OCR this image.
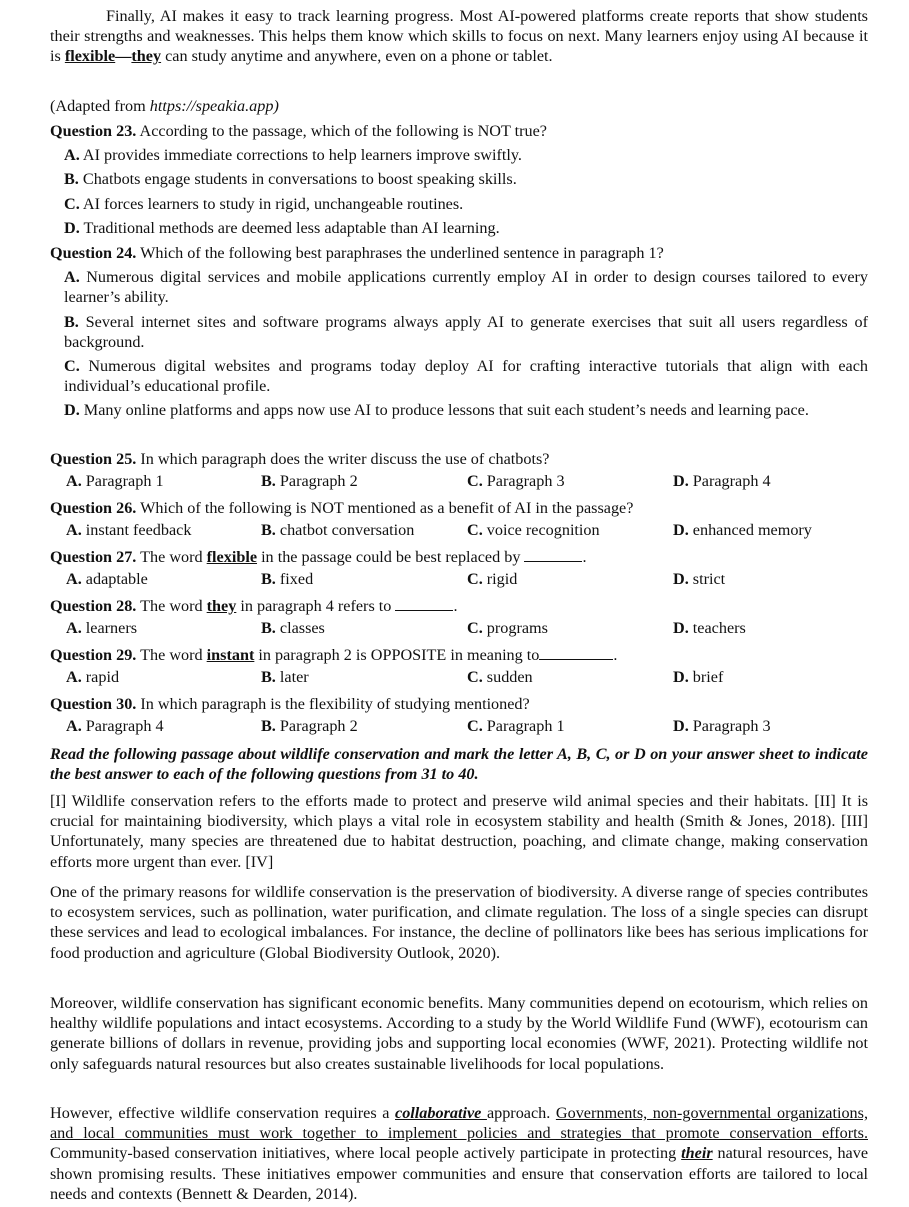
Finally, AI makes it easy to track learning progress. Most AI-powered platforms create reports that show students their strengths and weaknesses. This helps them know which skills to focus on next. Many learners enjoy using AI because it is flexible—they can study anytime and anywhere, even on a phone or tablet.

(Adapted from https://speakia.app)

Question 23. According to the passage, which of the following is NOT true?

A. AI provides immediate corrections to help learners improve swiftly.

B. Chatbots engage students in conversations to boost speaking skills.

C. AI forces learners to study in rigid, unchangeable routines.

D. Traditional methods are deemed less adaptable than AI learning.

Question 24. Which of the following best paraphrases the underlined sentence in paragraph 1?

A. Numerous digital services and mobile applications currently employ AI in order to design courses tailored to every learner’s ability.

B. Several internet sites and software programs always apply AI to generate exercises that suit all users regardless of background.

C. Numerous digital websites and programs today deploy AI for crafting interactive tutorials that align with each individual’s educational profile.

D. Many online platforms and apps now use AI to produce lessons that suit each student’s needs and learning pace.

Question 25. In which paragraph does the writer discuss the use of chatbots?

A. Paragraph 1	B. Paragraph 2	C. Paragraph 3	D. Paragraph 4

Question 26. Which of the following is NOT mentioned as a benefit of AI in the passage?

A. instant feedback	B. chatbot conversation	C. voice recognition	D. enhanced memory

Question 27. The word flexible in the passage could be best replaced by	.

A. adaptable	B. fixed	C. rigid	D. strict

Question 28. The word they in paragraph 4 refers to	.

A. learners	B. classes	C. programs	D. teachers

Question 29. The word instant in paragraph 2 is OPPOSITE in meaning to	.

A. rapid	B. later	C. sudden	D. brief

Question 30. In which paragraph is the flexibility of studying mentioned?

A. Paragraph 4	B. Paragraph 2	C. Paragraph 1	D. Paragraph 3

Read the following passage about wildlife conservation and mark the letter A, B, C, or D on your answer sheet to indicate the best answer to each of the following questions from 31 to 40.

[I] Wildlife conservation refers to the efforts made to protect and preserve wild animal species and their habitats. [II] It is crucial for maintaining biodiversity, which plays a vital role in ecosystem stability and health (Smith & Jones, 2018). [III] Unfortunately, many species are threatened due to habitat destruction, poaching, and climate change, making conservation efforts more urgent than ever. [IV]

One of the primary reasons for wildlife conservation is the preservation of biodiversity. A diverse range of species contributes to ecosystem services, such as pollination, water purification, and climate regulation. The loss of a single species can disrupt these services and lead to ecological imbalances. For instance, the decline of pollinators like bees has serious implications for food production and agriculture (Global Biodiversity Outlook, 2020).

Moreover, wildlife conservation has significant economic benefits. Many communities depend on ecotourism, which relies on healthy wildlife populations and intact ecosystems. According to a study by the World Wildlife Fund (WWF), ecotourism can generate billions of dollars in revenue, providing jobs and supporting local economies (WWF, 2021). Protecting wildlife not only safeguards natural resources but also creates sustainable livelihoods for local populations.

However, effective wildlife conservation requires a collaborative approach. Governments, non-governmental organizations, and local communities must work together to implement policies and strategies that promote conservation efforts. Community-based conservation initiatives, where local people actively participate in protecting their natural resources, have shown promising results. These initiatives empower communities and ensure that conservation efforts are tailored to local needs and contexts (Bennett & Dearden, 2014).
